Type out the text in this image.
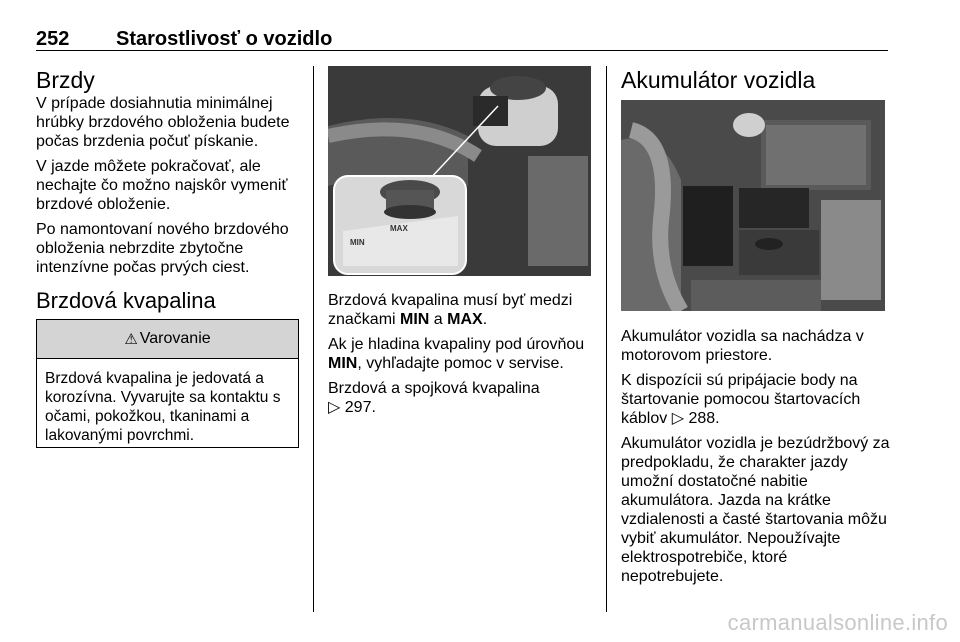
252 Starostlivosť o vozidlo
Brzdy

V prípade dosiahnutia minimálnej hrúbky brzdového obloženia budete počas brzdenia počuť pískanie.

V jazde môžete pokračovať, ale nechajte čo možno najskôr vymeniť brzdové obloženie.

Po namontovaní nového brzdového obloženia nebrzdite zbytočne intenzívne počas prvých ciest.

Brzdová kvapalina
⚠ Varovanie
Brzdová kvapalina je jedovatá a korozívna. Vyvarujte sa kontaktu s očami, pokožkou, tkaninami a lakovanými povrchmi.
MAX
MIN

Brzdová kvapalina musí byť medzi značkami MIN a MAX.

Ak je hladina kvapaliny pod úrovňou MIN, vyhľadajte pomoc v servise.

Brzdová a spojková kvapalina
▷ 297.

Akumulátor vozidla

Akumulátor vozidla sa nachádza v motorovom priestore.

K dispozícii sú pripájacie body na štartovanie pomocou štartovacích káblov ▷ 288.

Akumulátor vozidla je bezúdržbový za predpokladu, že charakter jazdy umožní dostatočné nabitie akumulátora. Jazda na krátke vzdialenosti a časté štartovania môžu vybiť akumulátor. Nepoužívajte elektrospotrebiče, ktoré nepotrebujete.

carmanualsonline.info
